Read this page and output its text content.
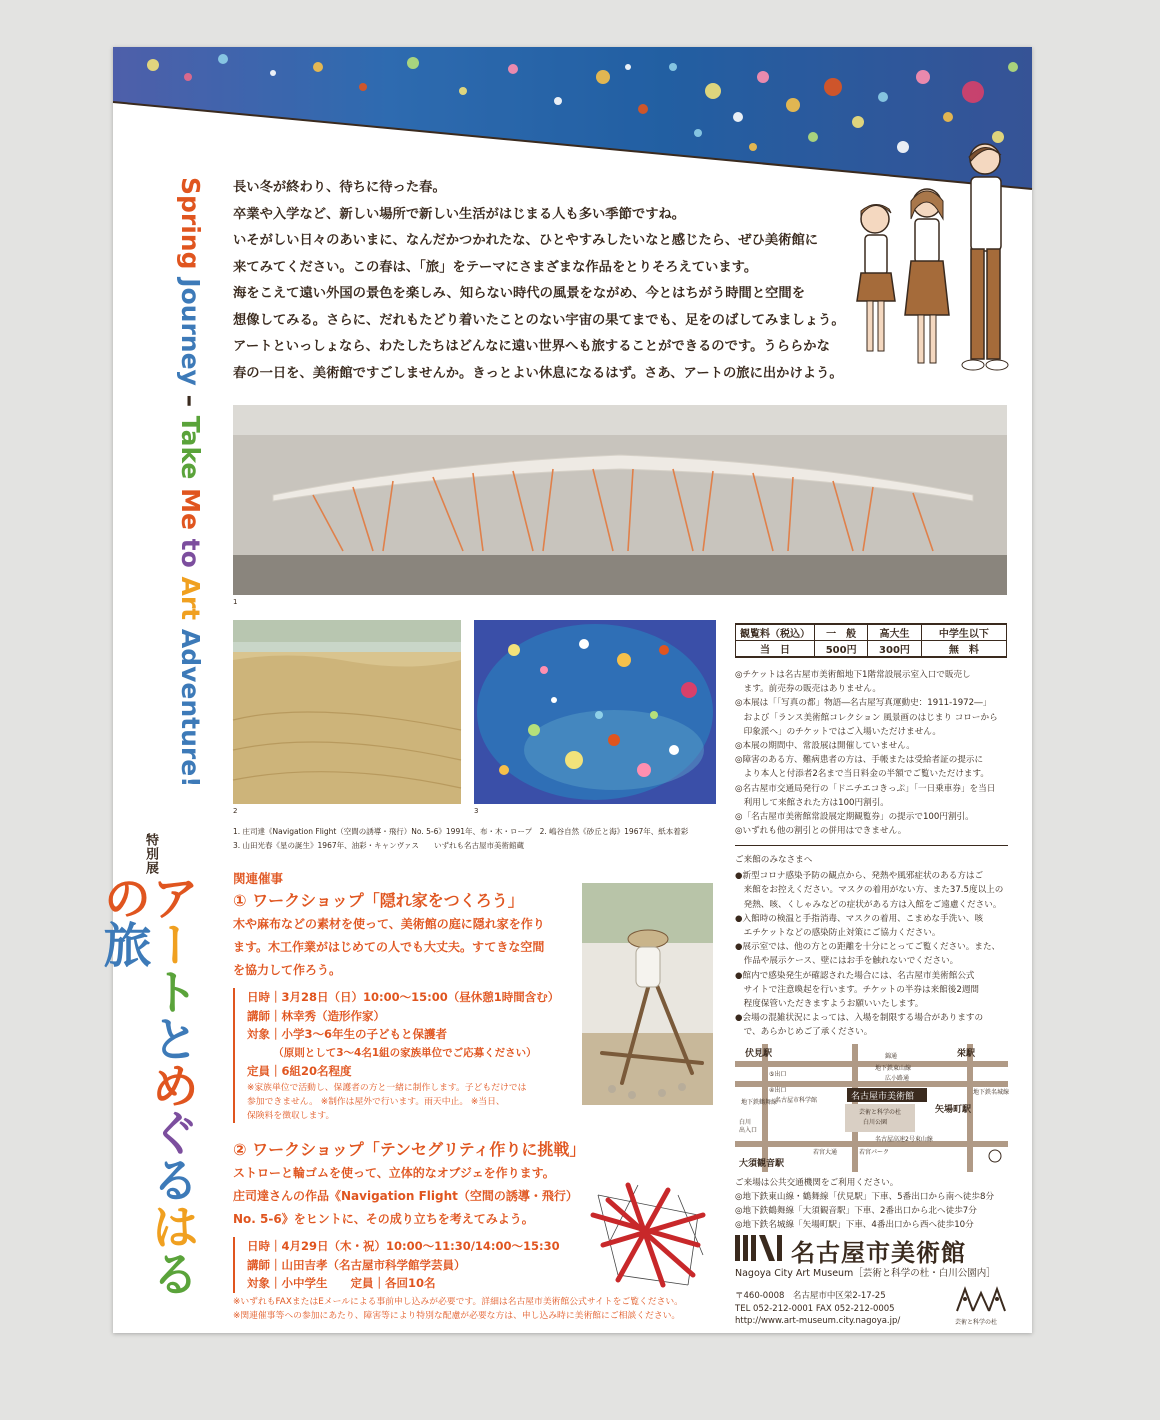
Spring Journey – Take Me to Art Adventure!
特別展
アートとめぐるはるの旅

長い冬が終わり、待ちに待った春。

卒業や入学など、新しい場所で新しい生活がはじまる人も多い季節ですね。

いそがしい日々のあいまに、なんだかつかれたな、ひとやすみしたいなと感じたら、ぜひ美術館に

来てみてください。この春は、「旅」をテーマにさまざまな作品をとりそろえています。

海をこえて遠い外国の景色を楽しみ、知らない時代の風景をながめ、今とはちがう時間と空間を

想像してみる。さらに、だれもたどり着いたことのない宇宙の果てまでも、足をのばしてみましょう。

アートといっしょなら、わたしたちはどんなに遠い世界へも旅することができるのです。うららかな

春の一日を、美術館ですごしませんか。きっとよい休息になるはず。さあ、アートの旅に出かけよう。

1
2	3
1. 庄司達《Navigation Flight（空間の誘導・飛行）No. 5-6》1991年、布・木・ロープ　2. 嶋谷自然《砂丘と海》1967年、紙本着彩
3. 山田光春《星の誕生》1967年、油彩・キャンヴァス　　いずれも名古屋市美術館蔵
観覧料（税込）	一　般	高大生	中学生以下
当　日	500円	300円	無　料
◎チケットは名古屋市美術館地下1階常設展示室入口で販売し
　ます。前売券の販売はありません。
◎本展は「「写真の都」物語―名古屋写真運動史：1911-1972―」
　および「ランス美術館コレクション 風景画のはじまり コローから
　印象派へ」のチケットではご入場いただけません。
◎本展の期間中、常設展は開催していません。
◎障害のある方、難病患者の方は、手帳または受給者証の提示に
　より本人と付添者2名まで当日料金の半額でご覧いただけます。
◎名古屋市交通局発行の「ドニチエコきっぷ」「一日乗車券」を当日
　利用して来館された方は100円割引。
◎「名古屋市美術館常設展定期観覧券」の提示で100円割引。
◎いずれも他の割引との併用はできません。
ご来館のみなさまへ
●新型コロナ感染予防の観点から、発熱や風邪症状のある方はご
　来館をお控えください。マスクの着用がない方、また37.5度以上の
　発熱、咳、くしゃみなどの症状がある方は入館をご遠慮ください。
●入館時の検温と手指消毒、マスクの着用、こまめな手洗い、咳
　エチケットなどの感染防止対策にご協力ください。
●展示室では、他の方との距離を十分にとってご覧ください。また、
　作品や展示ケース、壁にはお手を触れないでください。
●館内で感染発生が確認された場合には、名古屋市美術館公式
　サイトで注意喚起を行います。チケットの半券は来館後2週間
　程度保管いただきますようお願いいたします。
●会場の混雑状況によっては、入場を制限する場合がありますの
　で、あらかじめご了承ください。
名古屋市美術館
芸術と科学の杜
白川公園
伏見駅	栄駅
矢場町駅
大須観音駅
錦通
地下鉄東山線
広小路通
地下鉄鶴舞線
名古屋市科学館
白川
出入口
若宮大通
名古屋高速2号東山線
若宮パーク
地下鉄名城線
⑤出口
④出口
ご来場は公共交通機関をご利用ください。
◎地下鉄東山線・鶴舞線「伏見駅」下車、5番出口から南へ徒歩8分
◎地下鉄鶴舞線「大須観音駅」下車、2番出口から北へ徒歩7分
◎地下鉄名城線「矢場町駅」下車、4番出口から西へ徒歩10分
名古屋市美術館
Nagoya City Art Museum［芸術と科学の杜・白川公園内］
〒460-0008　名古屋市中区栄2-17-25
TEL 052-212-0001 FAX 052-212-0005
http://www.art-museum.city.nagoya.jp/	芸術と科学の杜
関連催事
① ワークショップ「隠れ家をつくろう」
木や麻布などの素材を使って、美術館の庭に隠れ家を作り
ます。木工作業がはじめての人でも大丈夫。すてきな空間
を協力して作ろう。
日時｜3月28日（日）10:00～15:00（昼休憩1時間含む）
講師｜林幸秀（造形作家）
対象｜小学3～6年生の子どもと保護者
　　　（原則として3～4名1組の家族単位でご応募ください）
定員｜6組20名程度
※家族単位で活動し、保護者の方と一緒に制作します。子どもだけでは
参加できません。 ※制作は屋外で行います。雨天中止。 ※当日、
保険料を徴収します。
② ワークショップ「テンセグリティ作りに挑戦」
ストローと輪ゴムを使って、立体的なオブジェを作ります。
庄司達さんの作品《Navigation Flight（空間の誘導・飛行）
No. 5-6》をヒントに、その成り立ちを考えてみよう。
日時｜4月29日（木・祝）10:00～11:30/14:00～15:30
講師｜山田吉孝（名古屋市科学館学芸員）
対象｜小中学生　　定員｜各回10名
※いずれもFAXまたはEメールによる事前申し込みが必要です。詳細は名古屋市美術館公式サイトをご覧ください。
※関連催事等への参加にあたり、障害等により特別な配慮が必要な方は、申し込み時に美術館にご相談ください。
